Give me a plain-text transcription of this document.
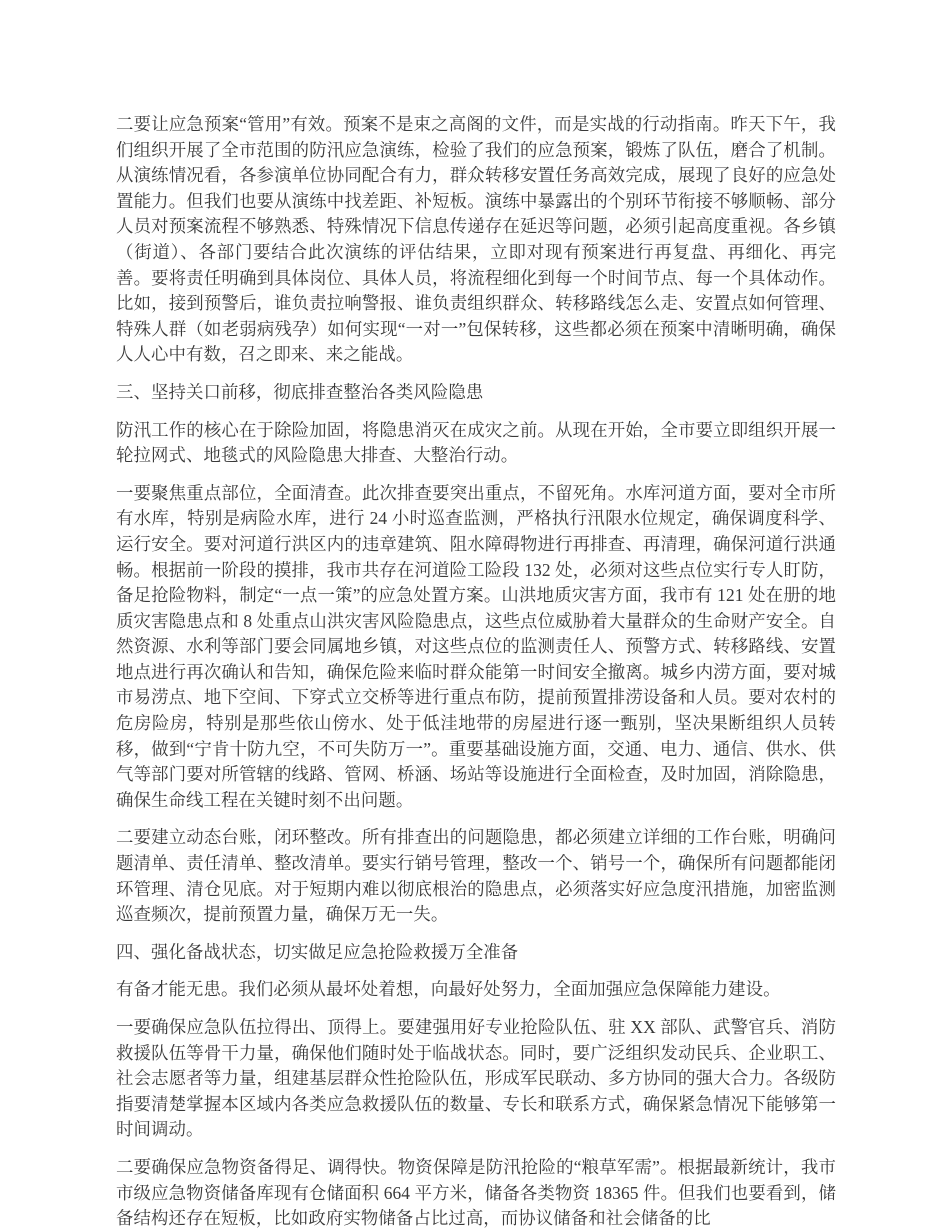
二要让应急预案“管用”有效。预案不是束之高阁的文件，而是实战的行动指南。昨天下午，我们组织开展了全市范围的防汛应急演练，检验了我们的应急预案，锻炼了队伍，磨合了机制。从演练情况看，各参演单位协同配合有力，群众转移安置任务高效完成，展现了良好的应急处置能力。但我们也要从演练中找差距、补短板。演练中暴露出的个别环节衔接不够顺畅、部分人员对预案流程不够熟悉、特殊情况下信息传递存在延迟等问题，必须引起高度重视。各乡镇（街道）、各部门要结合此次演练的评估结果，立即对现有预案进行再复盘、再细化、再完善。要将责任明确到具体岗位、具体人员，将流程细化到每一个时间节点、每一个具体动作。比如，接到预警后，谁负责拉响警报、谁负责组织群众、转移路线怎么走、安置点如何管理、特殊人群（如老弱病残孕）如何实现“一对一”包保转移，这些都必须在预案中清晰明确，确保人人心中有数，召之即来、来之能战。

三、坚持关口前移，彻底排查整治各类风险隐患

防汛工作的核心在于除险加固，将隐患消灭在成灾之前。从现在开始，全市要立即组织开展一轮拉网式、地毯式的风险隐患大排查、大整治行动。

一要聚焦重点部位，全面清查。此次排查要突出重点，不留死角。水库河道方面，要对全市所有水库，特别是病险水库，进行 24 小时巡查监测，严格执行汛限水位规定，确保调度科学、运行安全。要对河道行洪区内的违章建筑、阻水障碍物进行再排查、再清理，确保河道行洪通畅。根据前一阶段的摸排，我市共存在河道险工险段 132 处，必须对这些点位实行专人盯防，备足抢险物料，制定“一点一策”的应急处置方案。山洪地质灾害方面，我市有 121 处在册的地质灾害隐患点和 8 处重点山洪灾害风险隐患点，这些点位威胁着大量群众的生命财产安全。自然资源、水利等部门要会同属地乡镇，对这些点位的监测责任人、预警方式、转移路线、安置地点进行再次确认和告知，确保危险来临时群众能第一时间安全撤离。城乡内涝方面，要对城市易涝点、地下空间、下穿式立交桥等进行重点布防，提前预置排涝设备和人员。要对农村的危房险房，特别是那些依山傍水、处于低洼地带的房屋进行逐一甄别，坚决果断组织人员转移，做到“宁肯十防九空，不可失防万一”。重要基础设施方面，交通、电力、通信、供水、供气等部门要对所管辖的线路、管网、桥涵、场站等设施进行全面检查，及时加固，消除隐患，确保生命线工程在关键时刻不出问题。

二要建立动态台账，闭环整改。所有排查出的问题隐患，都必须建立详细的工作台账，明确问题清单、责任清单、整改清单。要实行销号管理，整改一个、销号一个，确保所有问题都能闭环管理、清仓见底。对于短期内难以彻底根治的隐患点，必须落实好应急度汛措施，加密监测巡查频次，提前预置力量，确保万无一失。

四、强化备战状态，切实做足应急抢险救援万全准备

有备才能无患。我们必须从最坏处着想，向最好处努力，全面加强应急保障能力建设。

一要确保应急队伍拉得出、顶得上。要建强用好专业抢险队伍、驻 XX 部队、武警官兵、消防救援队伍等骨干力量，确保他们随时处于临战状态。同时，要广泛组织发动民兵、企业职工、社会志愿者等力量，组建基层群众性抢险队伍，形成军民联动、多方协同的强大合力。各级防指要清楚掌握本区域内各类应急救援队伍的数量、专长和联系方式，确保紧急情况下能够第一时间调动。

二要确保应急物资备得足、调得快。物资保障是防汛抢险的“粮草军需”。根据最新统计，我市市级应急物资储备库现有仓储面积 664 平方米，储备各类物资 18365 件。但我们也要看到，储备结构还存在短板，比如政府实物储备占比过高，而协议储备和社会储备的比
